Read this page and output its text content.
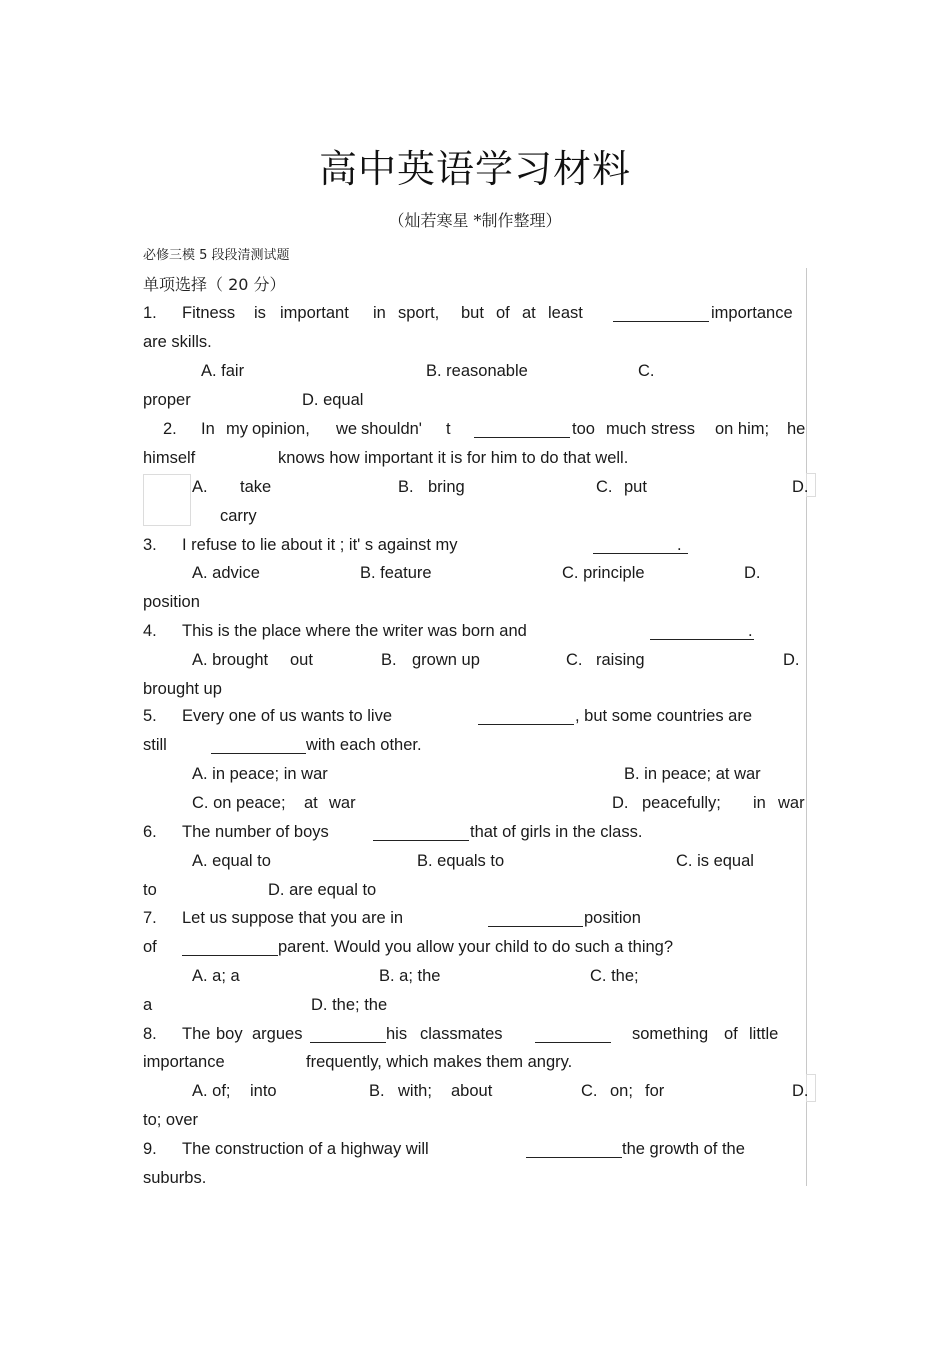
高中英语学习材料
（灿若寒星 *制作整理）
必修三模 5 段段清测试题
单项选择（ 20 分）
1. Fitness is important in sport, but of at least	importance
are skills.
A. fair	B. reasonable	C.
proper	D. equal
2. In my opinion, we shouldn' t	too much stress on him; he
himself	knows how important it is for him to do that well.
A. take	B. bring	C. put	D.
carry
3. I refuse to lie about it ; it' s against my	.
A. advice	B. feature	C. principle	D.
position
4. This is the place where the writer was born and	.
A. brought out	B. grown up	C. raising	D.
brought up
5. Every one of us wants to live	, but some countries are
still	with each other.
A. in peace; in war	B. in peace; at war
C. on peace; at war	D. peacefully; in war
6. The number of boys	that of girls in the class.
A. equal to	B. equals to	C. is equal
to	D. are equal to
7. Let us suppose that you are in	position
of	parent. Would you allow your child to do such a thing?
A. a; a	B. a; the	C. the;
a	D. the; the
8. The boy argues	his classmates	something of little
importance	frequently, which makes them angry.
A. of; into	B. with; about	C. on; for	D.
to; over
9. The construction of a highway will	the growth of the
suburbs.
